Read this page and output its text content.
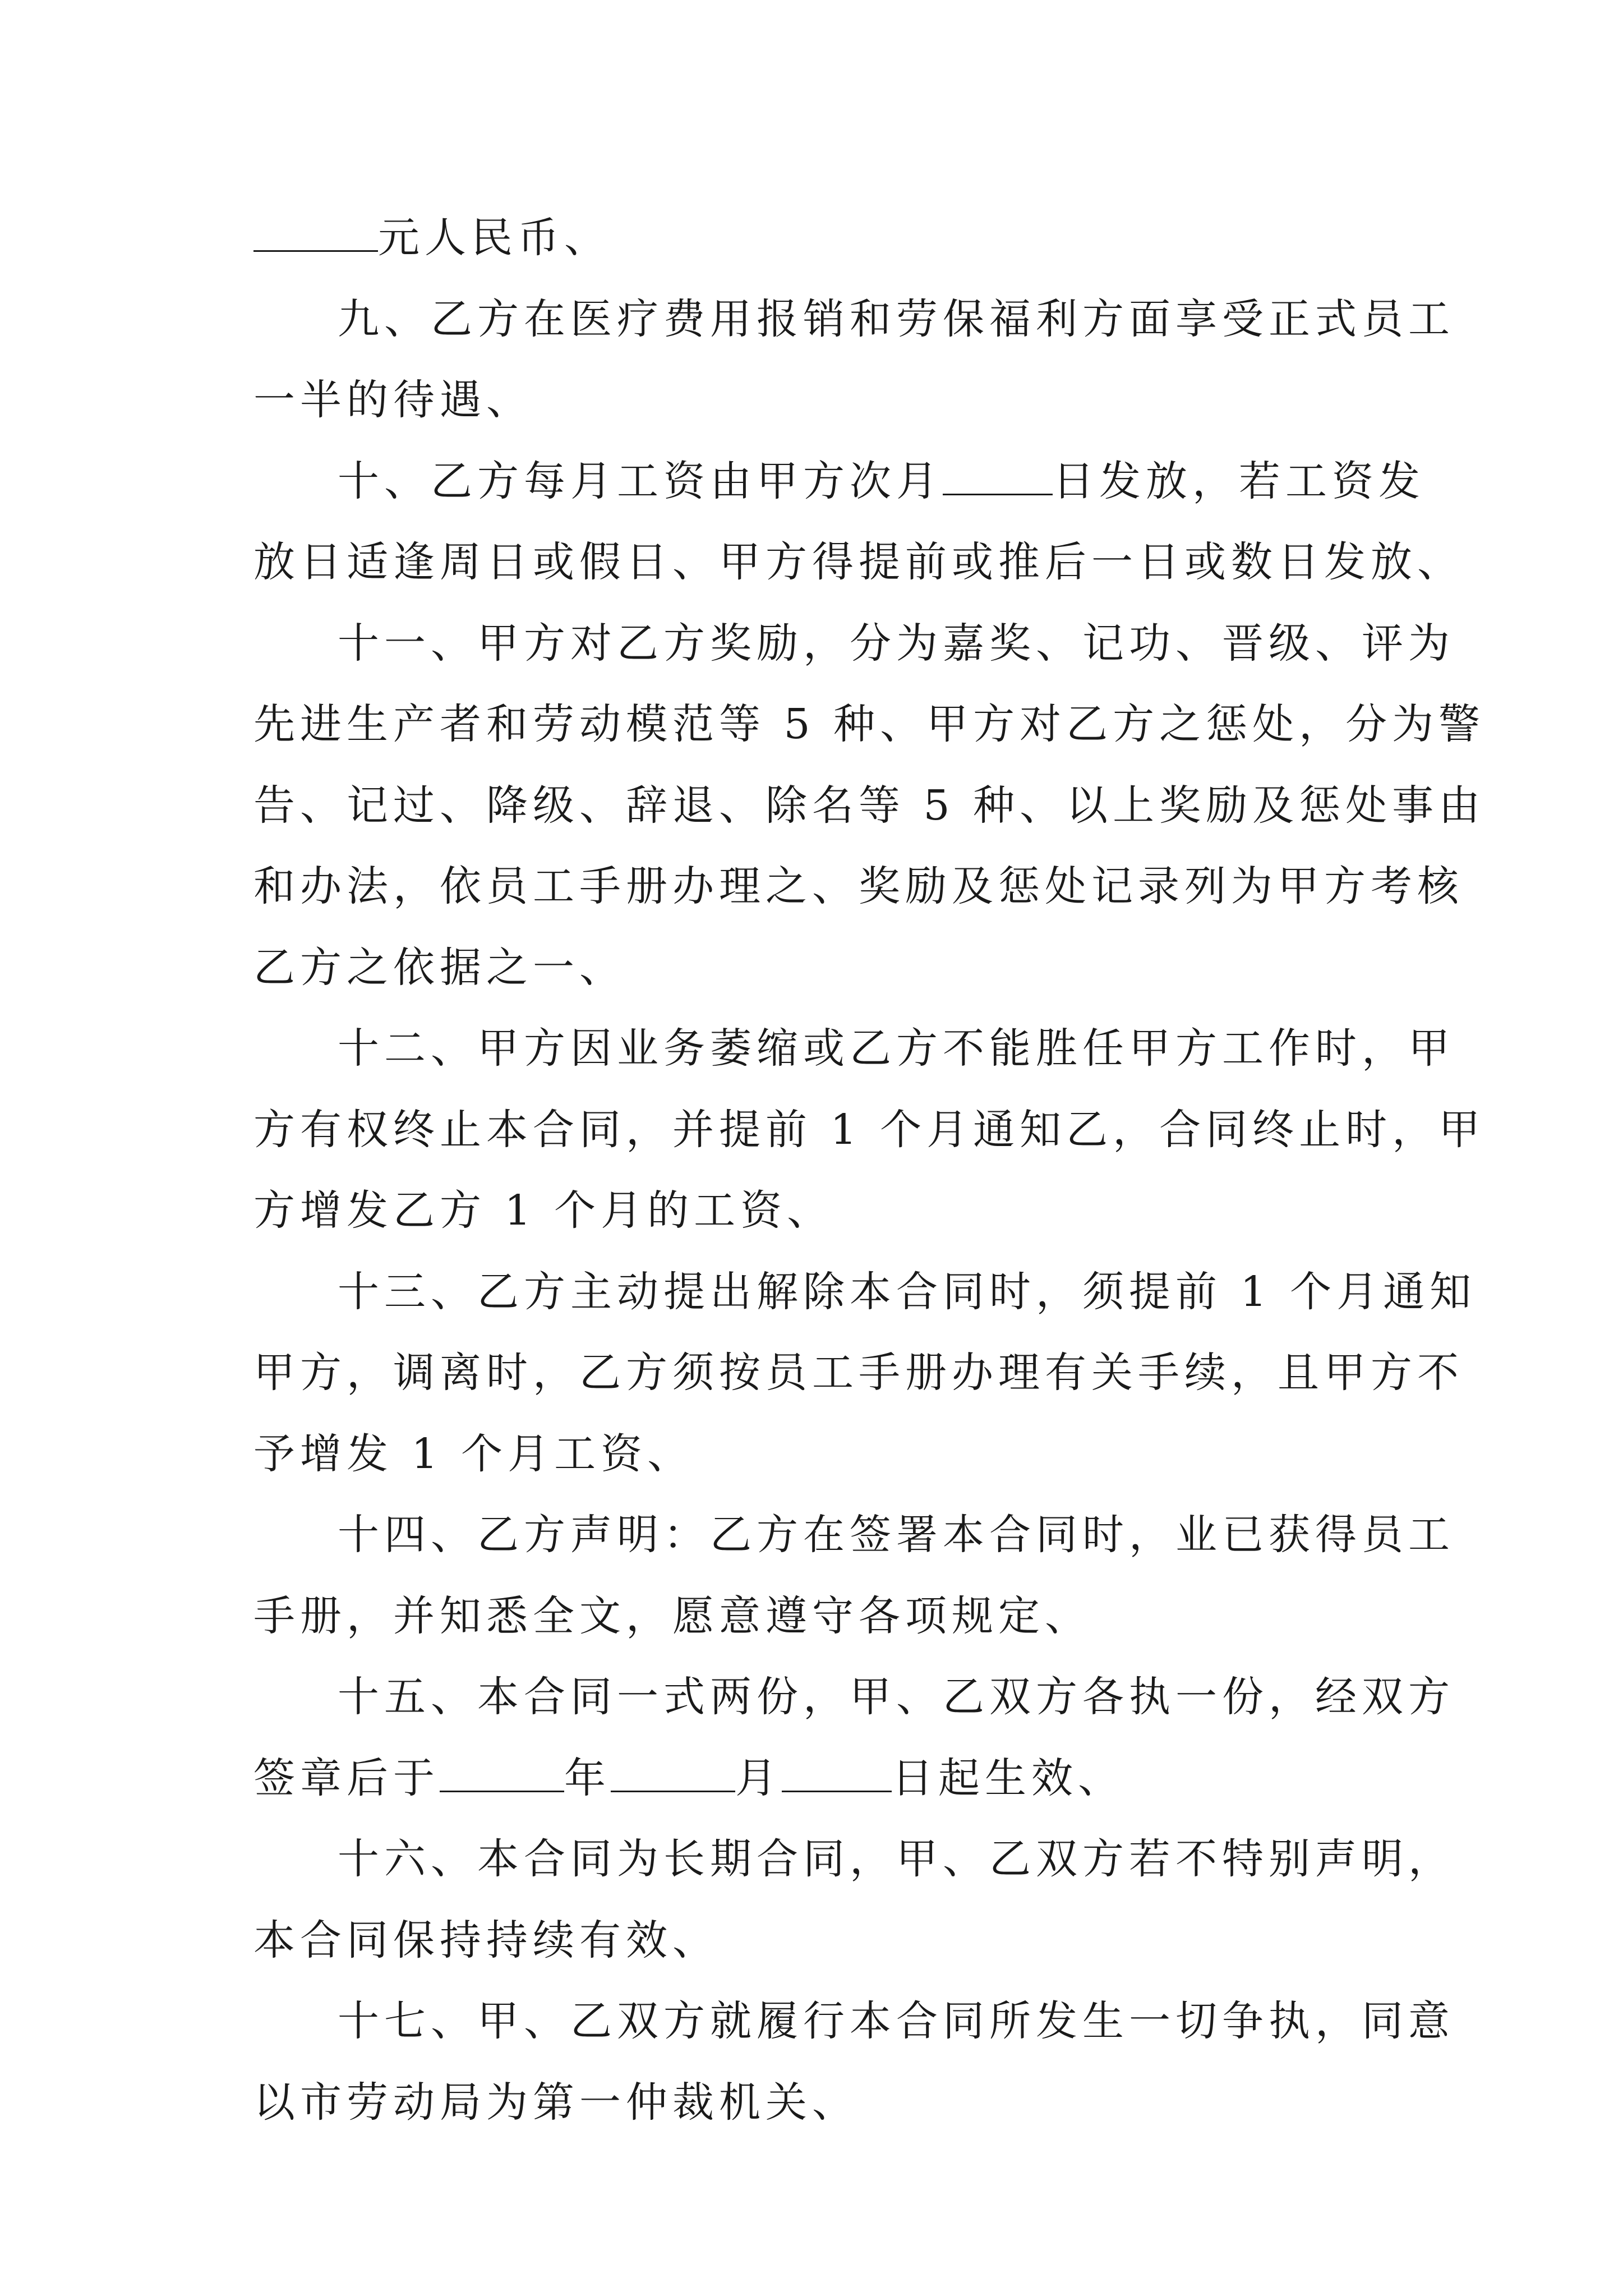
元人民币、
九、乙方在医疗费用报销和劳保福利方面享受正式员工
一半的待遇、
十、乙方每月工资由甲方次月	日发放，若工资发
放日适逢周日或假日、甲方得提前或推后一日或数日发放、
十一、甲方对乙方奖励，分为嘉奖、记功、晋级、评为
先进生产者和劳动模范等 5 种、甲方对乙方之惩处，分为警
告、记过、降级、辞退、除名等 5 种、以上奖励及惩处事由
和办法，依员工手册办理之、奖励及惩处记录列为甲方考核
乙方之依据之一、
十二、甲方因业务萎缩或乙方不能胜任甲方工作时，甲
方有权终止本合同，并提前 1 个月通知乙，合同终止时，甲
方增发乙方 1 个月的工资、
十三、乙方主动提出解除本合同时，须提前 1 个月通知
甲方，调离时，乙方须按员工手册办理有关手续，且甲方不
予增发 1 个月工资、
十四、乙方声明：乙方在签署本合同时，业已获得员工
手册，并知悉全文，愿意遵守各项规定、
十五、本合同一式两份，甲、乙双方各执一份，经双方
签章后于	年	月	日起生效、
十六、本合同为长期合同，甲、乙双方若不特别声明，
本合同保持持续有效、
十七、甲、乙双方就履行本合同所发生一切争执，同意
以市劳动局为第一仲裁机关、
